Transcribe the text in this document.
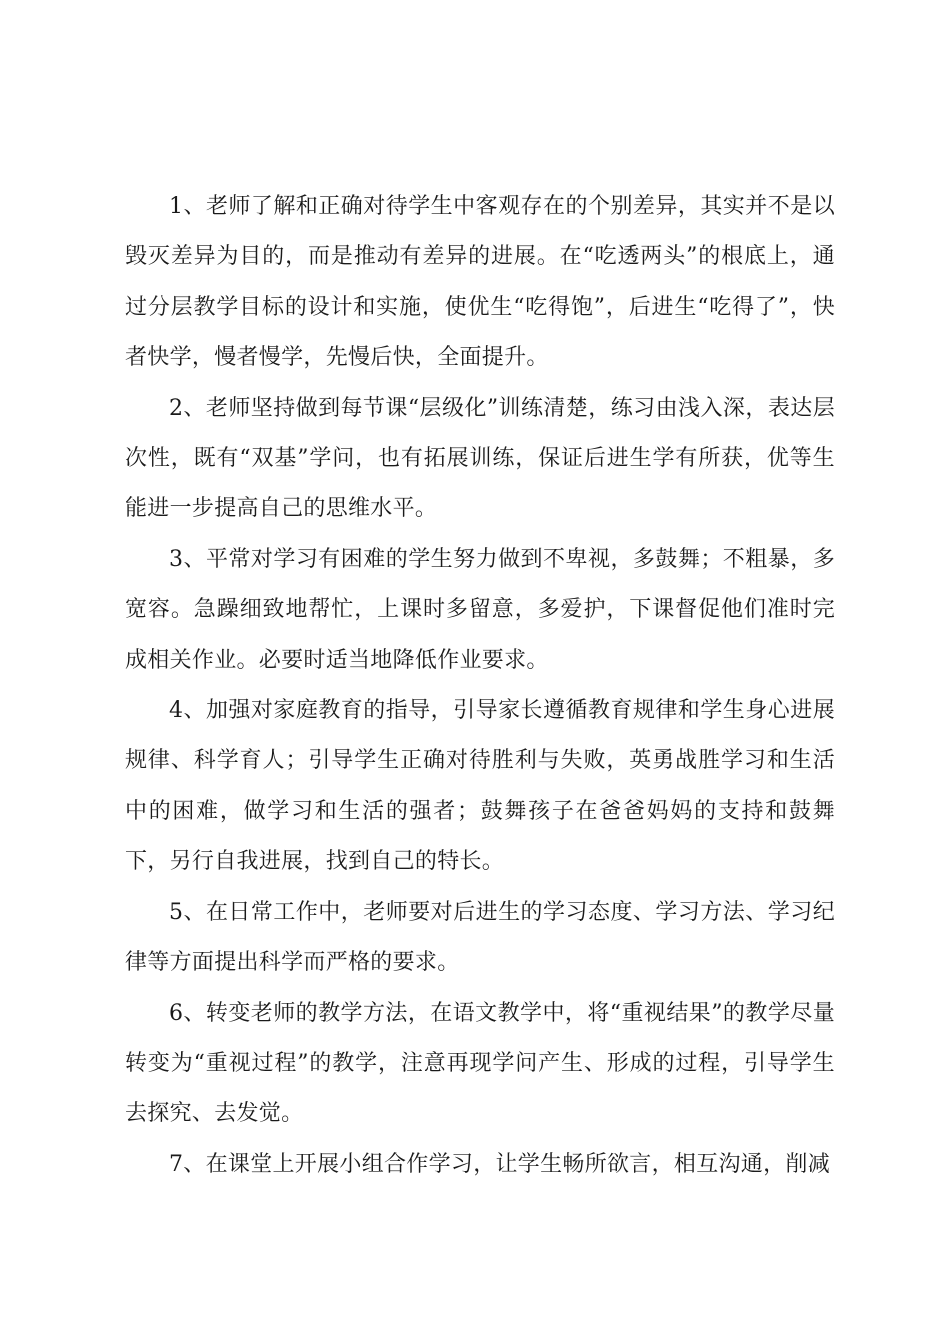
1、老师了解和正确对待学生中客观存在的个别差异，其实并不是以毁灭差异为目的，而是推动有差异的进展。在“吃透两头”的根底上，通过分层教学目标的设计和实施，使优生“吃得饱”，后进生“吃得了”，快者快学，慢者慢学，先慢后快，全面提升。

2、老师坚持做到每节课“层级化”训练清楚，练习由浅入深，表达层次性，既有“双基”学问，也有拓展训练，保证后进生学有所获，优等生能进一步提高自己的思维水平。

3、平常对学习有困难的学生努力做到不卑视，多鼓舞；不粗暴，多宽容。急躁细致地帮忙，上课时多留意，多爱护，下课督促他们准时完成相关作业。必要时适当地降低作业要求。

4、加强对家庭教育的指导，引导家长遵循教育规律和学生身心进展规律、科学育人；引导学生正确对待胜利与失败，英勇战胜学习和生活中的困难，做学习和生活的强者；鼓舞孩子在爸爸妈妈的支持和鼓舞下，另行自我进展，找到自己的特长。

5、在日常工作中，老师要对后进生的学习态度、学习方法、学习纪律等方面提出科学而严格的要求。

6、转变老师的教学方法，在语文教学中，将“重视结果”的教学尽量转变为“重视过程”的教学，注意再现学问产生、形成的过程，引导学生去探究、去发觉。

7、在课堂上开展小组合作学习，让学生畅所欲言，相互沟通，削减
